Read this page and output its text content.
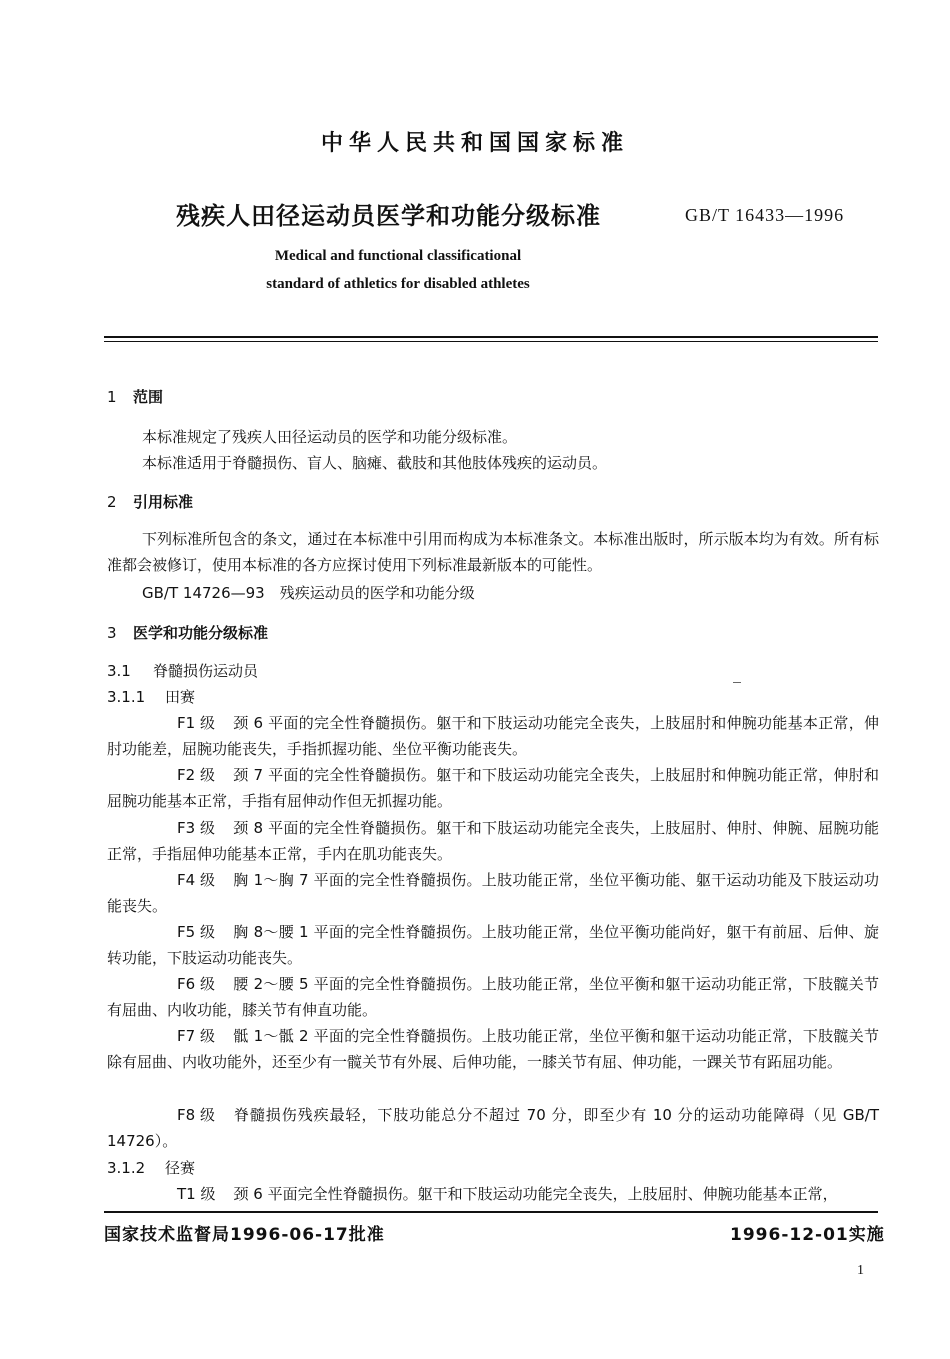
中华人民共和国国家标准
残疾人田径运动员医学和功能分级标准	GB/T 16433—1996
Medical and functional classificational
standard of athletics for disabled athletes
1 范围
本标准规定了残疾人田径运动员的医学和功能分级标准。
本标准适用于脊髓损伤、盲人、脑瘫、截肢和其他肢体残疾的运动员。
2 引用标准
下列标准所包含的条文，通过在本标准中引用而构成为本标准条文。本标准出版时，所示版本均为有效。所有标准都会被修订，使用本标准的各方应探讨使用下列标准最新版本的可能性。
GB/T 14726—93　残疾运动员的医学和功能分级
3 医学和功能分级标准
3.1 脊髓损伤运动员
3.1.1 田赛
F1 级 颈 6 平面的完全性脊髓损伤。躯干和下肢运动功能完全丧失，上肢屈肘和伸腕功能基本正常，伸肘功能差，屈腕功能丧失，手指抓握功能、坐位平衡功能丧失。
F2 级 颈 7 平面的完全性脊髓损伤。躯干和下肢运动功能完全丧失，上肢屈肘和伸腕功能正常，伸肘和屈腕功能基本正常，手指有屈伸动作但无抓握功能。
F3 级 颈 8 平面的完全性脊髓损伤。躯干和下肢运动功能完全丧失，上肢屈肘、伸肘、伸腕、屈腕功能正常，手指屈伸功能基本正常，手内在肌功能丧失。
F4 级 胸 1～胸 7 平面的完全性脊髓损伤。上肢功能正常，坐位平衡功能、躯干运动功能及下肢运动功能丧失。
F5 级 胸 8～腰 1 平面的完全性脊髓损伤。上肢功能正常，坐位平衡功能尚好，躯干有前屈、后伸、旋转功能，下肢运动功能丧失。
F6 级 腰 2～腰 5 平面的完全性脊髓损伤。上肢功能正常，坐位平衡和躯干运动功能正常，下肢髋关节有屈曲、内收功能，膝关节有伸直功能。
F7 级 骶 1～骶 2 平面的完全性脊髓损伤。上肢功能正常，坐位平衡和躯干运动功能正常，下肢髋关节除有屈曲、内收功能外，还至少有一髋关节有外展、后伸功能，一膝关节有屈、伸功能，一踝关节有跖屈功能。
F8 级 脊髓损伤残疾最轻，下肢功能总分不超过 70 分，即至少有 10 分的运动功能障碍（见 GB/T 14726）。
3.1.2 径赛
T1 级 颈 6 平面完全性脊髓损伤。躯干和下肢运动功能完全丧失，上肢屈肘、伸腕功能基本正常，
国家技术监督局1996-06-17批准	1996-12-01实施
1
